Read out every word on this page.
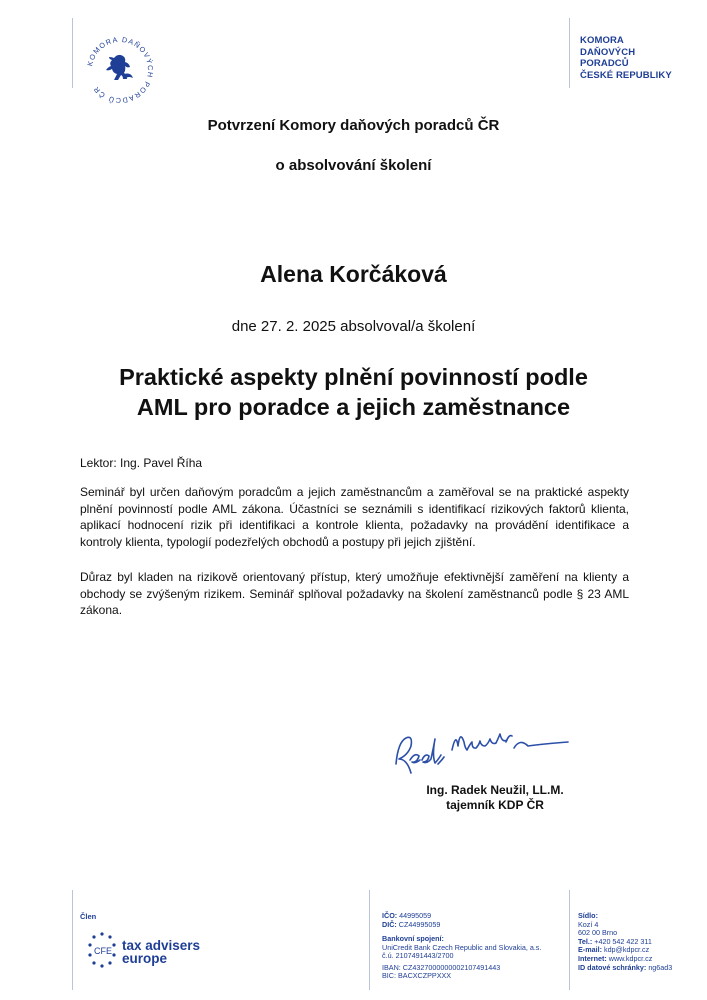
KOMORA DAŇOVÝCH PORADCŮ ČR
KOMORA
DAŇOVÝCH
PORADCŮ
ČESKÉ REPUBLIKY
Potvrzení Komory daňových poradců ČR
o absolvování školení
Alena Korčáková
dne 27. 2. 2025 absolvoval/a školení
Praktické aspekty plnění povinností podle
AML pro poradce a jejich zaměstnance
Lektor: Ing. Pavel Říha
Seminář byl určen daňovým poradcům a jejich zaměstnancům a zaměřoval se na praktické aspekty plnění povinností podle AML zákona. Účastníci se seznámili s identifikací rizikových faktorů klienta, aplikací hodnocení rizik při identifikaci a kontrole klienta, požadavky na provádění identifikace a kontroly klienta, typologií podezřelých obchodů a postupy při jejich zjištění.
Důraz byl kladen na rizikově orientovaný přístup, který umožňuje efektivnější zaměření na klienty a obchody se zvýšeným rizikem. Seminář splňoval požadavky na školení zaměstnanců podle § 23 AML zákona.
Ing. Radek Neužil, LL.M.
tajemník KDP ČR
Člen
CFE tax advisers
europe
IČO: 44995059
DIČ: CZ44995059
Bankovní spojení:
UniCredit Bank Czech Republic and Slovakia, a.s.
č.ú. 2107491443/2700
IBAN: CZ4327000000002107491443
BIC: BACXCZPPXXX
Sídlo:
Kozí 4
602 00 Brno
Tel.: +420 542 422 311
E-mail: kdp@kdpcr.cz
Internet: www.kdpcr.cz
ID datové schránky: ng6ad3
